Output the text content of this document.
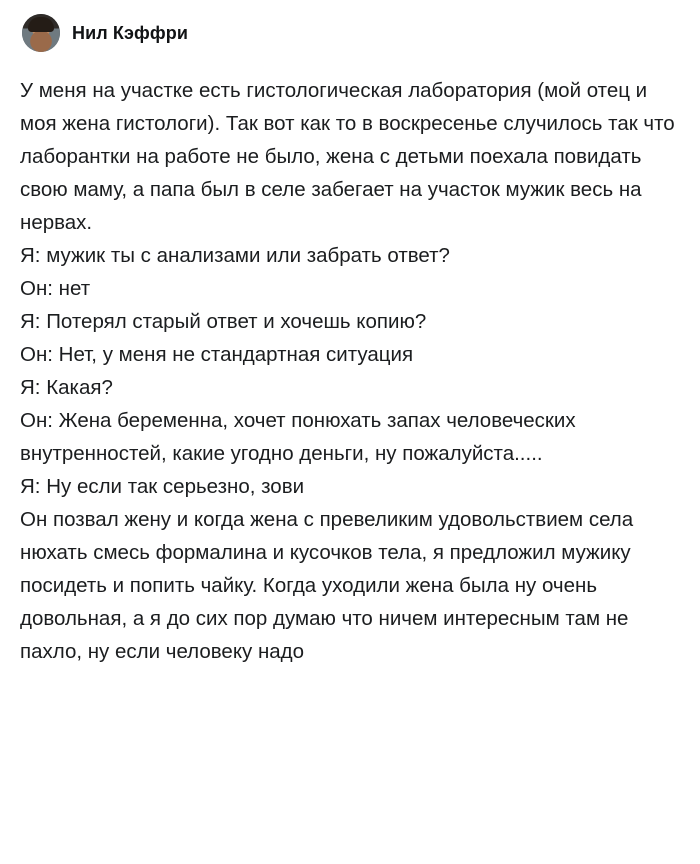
Нил Кэффри

У меня на участке есть гистологическая лаборатория (мой отец и моя жена гистологи). Так вот как то в воскресенье случилось так что лаборантки на работе не было, жена с детьми поехала повидать свою маму, а папа был в селе забегает на участок мужик весь на нервах.

Я: мужик ты с анализами или забрать ответ?

Он: нет

Я: Потерял старый ответ и хочешь копию?

Он: Нет, у меня не стандартная ситуация

Я: Какая?

Он: Жена беременна, хочет понюхать запах человеческих внутренностей, какие угодно деньги, ну пожалуйста.....

Я: Ну если так серьезно, зови

Он позвал жену и когда жена с превеликим удовольствием села нюхать смесь формалина и кусочков тела, я предложил мужику посидеть и попить чайку. Когда уходили жена была ну очень довольная, а я до сих пор думаю что ничем интересным там не пахло, ну если человеку надо
